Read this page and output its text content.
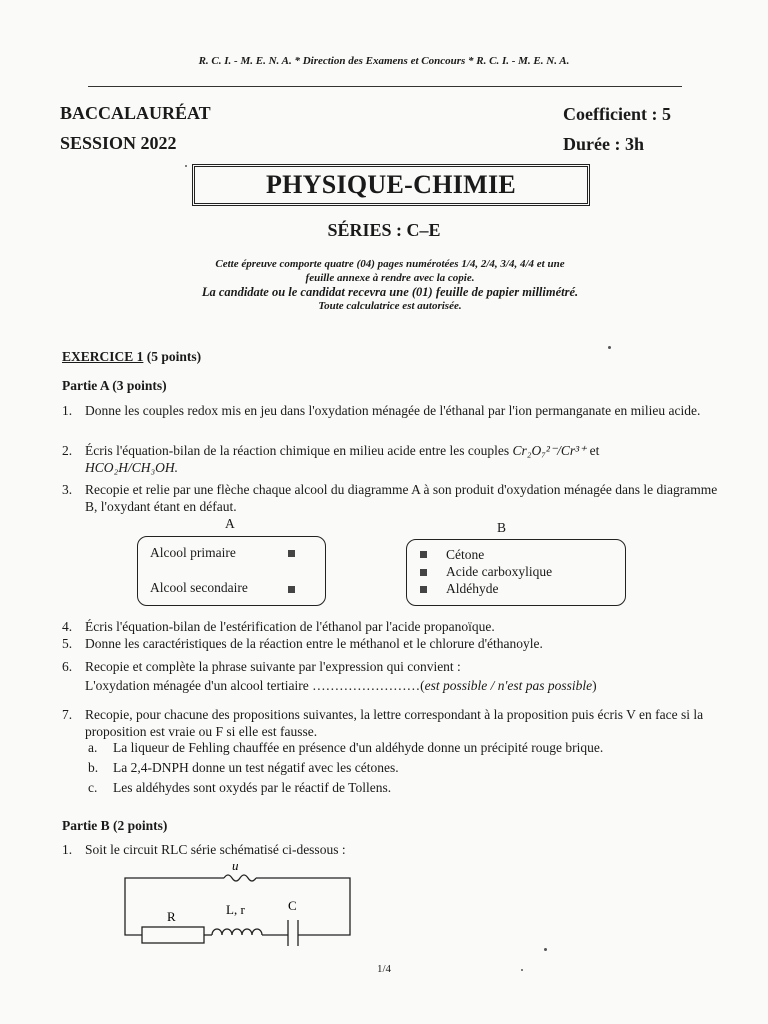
R. C. I. - M. E. N. A. * Direction des Examens et Concours * R. C. I. - M. E. N. A.
BACCALAURÉAT
SESSION 2022
Coefficient : 5
Durée : 3h
PHYSIQUE-CHIMIE
SÉRIES : C–E
Cette épreuve comporte quatre (04) pages numérotées 1/4, 2/4, 3/4, 4/4 et une
feuille annexe à rendre avec la copie.
La candidate ou le candidat recevra une (01) feuille de papier millimétré.
Toute calculatrice est autorisée.
EXERCICE 1 (5 points)
Partie A (3 points)
1. Donne les couples redox mis en jeu dans l'oxydation ménagée de l'éthanal par l'ion permanganate en milieu acide.
2. Écris l'équation-bilan de la réaction chimique en milieu acide entre les couples Cr₂O₇²⁻/Cr³⁺ et
HCO₂H/CH₃OH.
3. Recopie et relie par une flèche chaque alcool du diagramme A à son produit d'oxydation ménagée dans le diagramme B, l'oxydant étant en défaut.
A	B
Alcool primaire
Alcool secondaire
Cétone
Acide carboxylique
Aldéhyde
4. Écris l'équation-bilan de l'estérification de l'éthanol par l'acide propanoïque.
5. Donne les caractéristiques de la réaction entre le méthanol et le chlorure d'éthanoyle.
6. Recopie et complète la phrase suivante par l'expression qui convient :
L'oxydation ménagée d'un alcool tertiaire ……………………(est possible / n'est pas possible)
7. Recopie, pour chacune des propositions suivantes, la lettre correspondant à la proposition puis écris V en face si la proposition est vraie ou F si elle est fausse.
a.	La liqueur de Fehling chauffée en présence d'un aldéhyde donne un précipité rouge brique.
b.	La 2,4-DNPH donne un test négatif avec les cétones.
c.	Les aldéhydes sont oxydés par le réactif de Tollens.
Partie B (2 points)
1. Soit le circuit RLC série schématisé ci-dessous :
u
R	L, r	C
1/4
